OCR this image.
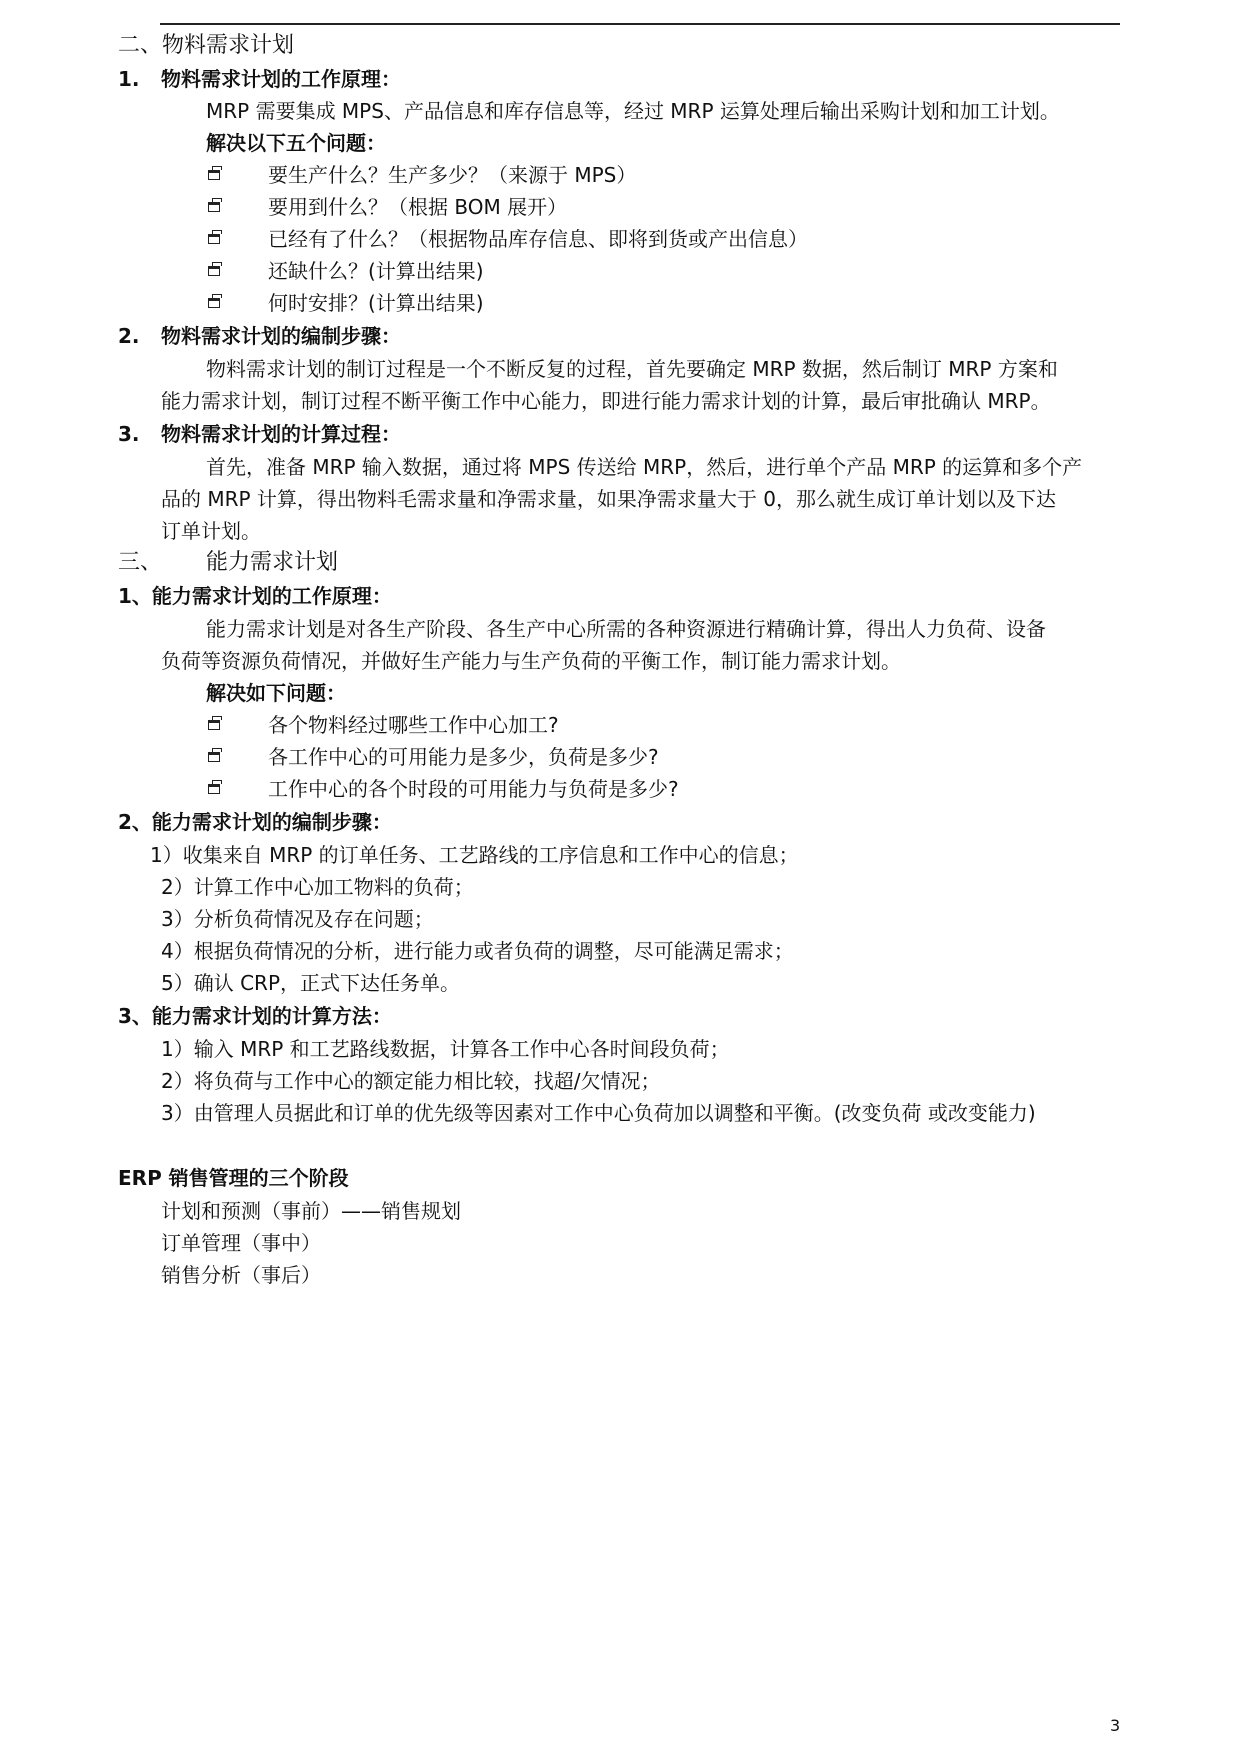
二、物料需求计划
1. 物料需求计划的工作原理：
MRP 需要集成 MPS、产品信息和库存信息等，经过 MRP 运算处理后输出采购计划和加工计划。
解决以下五个问题：
要生产什么？生产多少？（来源于 MPS）
要用到什么？（根据 BOM 展开）
已经有了什么？（根据物品库存信息、即将到货或产出信息）
还缺什么？(计算出结果)
何时安排？(计算出结果)
2. 物料需求计划的编制步骤：
物料需求计划的制订过程是一个不断反复的过程，首先要确定 MRP 数据，然后制订 MRP 方案和
能力需求计划，制订过程不断平衡工作中心能力，即进行能力需求计划的计算，最后审批确认 MRP。
3. 物料需求计划的计算过程：
首先，准备 MRP 输入数据，通过将 MPS 传送给 MRP，然后，进行单个产品 MRP 的运算和多个产
品的 MRP 计算，得出物料毛需求量和净需求量，如果净需求量大于 0，那么就生成订单计划以及下达
订单计划。
三、 能力需求计划
1、能力需求计划的工作原理：
能力需求计划是对各生产阶段、各生产中心所需的各种资源进行精确计算，得出人力负荷、设备
负荷等资源负荷情况，并做好生产能力与生产负荷的平衡工作，制订能力需求计划。
解决如下问题：
各个物料经过哪些工作中心加工?
各工作中心的可用能力是多少，负荷是多少?
工作中心的各个时段的可用能力与负荷是多少?
2、能力需求计划的编制步骤：
1）收集来自 MRP 的订单任务、工艺路线的工序信息和工作中心的信息；
2）计算工作中心加工物料的负荷；
3）分析负荷情况及存在问题；
4）根据负荷情况的分析，进行能力或者负荷的调整，尽可能满足需求；
5）确认 CRP，正式下达任务单。
3、能力需求计划的计算方法：
1）输入 MRP 和工艺路线数据，计算各工作中心各时间段负荷；
2）将负荷与工作中心的额定能力相比较，找超/欠情况；
3）由管理人员据此和订单的优先级等因素对工作中心负荷加以调整和平衡。(改变负荷 或改变能力)
ERP 销售管理的三个阶段
计划和预测（事前）——销售规划
订单管理（事中）
销售分析（事后）
3
